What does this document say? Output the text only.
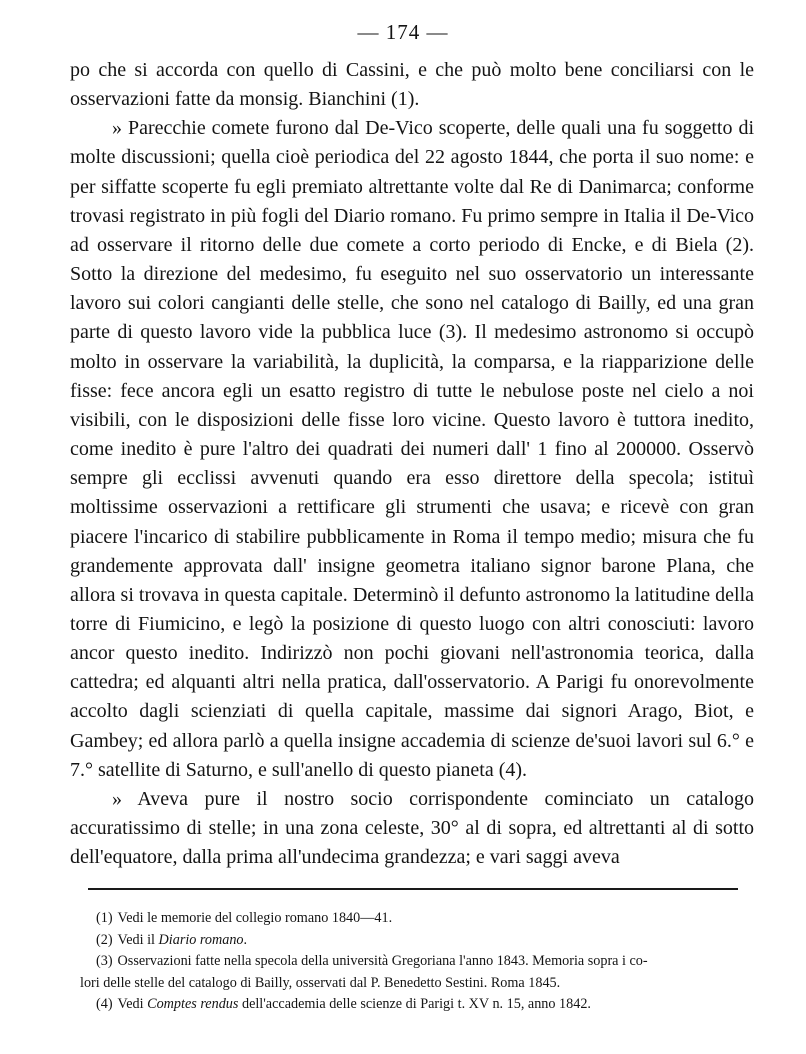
— 174 —

po che si accorda con quello di Cassini, e che può molto bene conciliarsi con le osservazioni fatte da monsig. Bianchini (1).

» Parecchie comete furono dal De-Vico scoperte, delle quali una fu soggetto di molte discussioni; quella cioè periodica del 22 agosto 1844, che porta il suo nome: e per siffatte scoperte fu egli premiato altrettante volte dal Re di Danimarca; conforme trovasi registrato in più fogli del Diario romano. Fu primo sempre in Italia il De-Vico ad osservare il ritorno delle due comete a corto periodo di Encke, e di Biela (2). Sotto la direzione del medesimo, fu eseguito nel suo osservatorio un interessante lavoro sui colori cangianti delle stelle, che sono nel catalogo di Bailly, ed una gran parte di questo lavoro vide la pubblica luce (3). Il medesimo astronomo si occupò molto in osservare la variabilità, la duplicità, la comparsa, e la riapparizione delle fisse: fece ancora egli un esatto registro di tutte le nebulose poste nel cielo a noi visibili, con le disposizioni delle fisse loro vicine. Questo lavoro è tuttora inedito, come inedito è pure l'altro dei quadrati dei numeri dall' 1 fino al 200000. Osservò sempre gli ecclissi avvenuti quando era esso direttore della specola; istituì moltissime osservazioni a rettificare gli strumenti che usava; e ricevè con gran piacere l'incarico di stabilire pubblicamente in Roma il tempo medio; misura che fu grandemente approvata dall' insigne geometra italiano signor barone Plana, che allora si trovava in questa capitale. Determinò il defunto astronomo la latitudine della torre di Fiumicino, e legò la posizione di questo luogo con altri conosciuti: lavoro ancor questo inedito. Indirizzò non pochi giovani nell'astronomia teorica, dalla cattedra; ed alquanti altri nella pratica, dall'osservatorio. A Parigi fu onorevolmente accolto dagli scienziati di quella capitale, massime dai signori Arago, Biot, e Gambey; ed allora parlò a quella insigne accademia di scienze de'suoi lavori sul 6.° e 7.° satellite di Saturno, e sull'anello di questo pianeta (4).

» Aveva pure il nostro socio corrispondente cominciato un catalogo accuratissimo di stelle; in una zona celeste, 30° al di sopra, ed altrettanti al di sotto dell'equatore, dalla prima all'undecima grandezza; e vari saggi aveva

(1) Vedi le memorie del collegio romano 1840—41.

(2) Vedi il Diario romano.

(3) Osservazioni fatte nella specola della università Gregoriana l'anno 1843. Memoria sopra i co-

lori delle stelle del catalogo di Bailly, osservati dal P. Benedetto Sestini. Roma 1845.

(4) Vedi Comptes rendus dell'accademia delle scienze di Parigi t. XV n. 15, anno 1842.
